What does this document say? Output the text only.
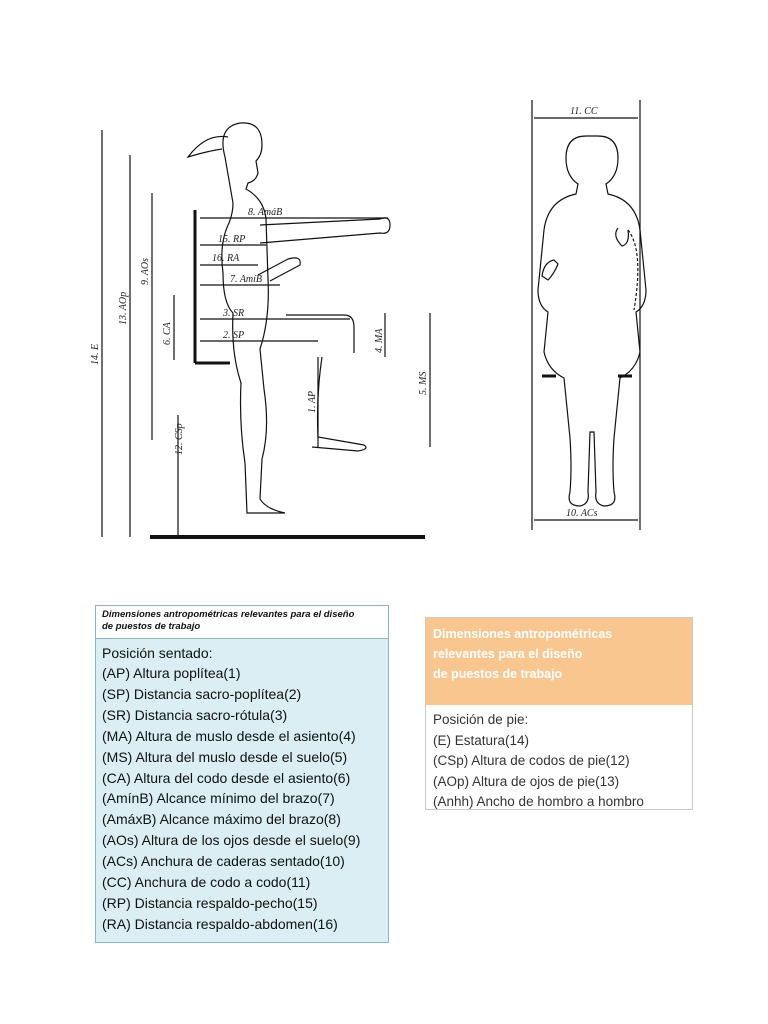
8. AmáB
15. RP
16. RA
7. AmíB
3. SR
2. SP
6. CA	4. MA
5. MS
1. AP
12. CSp
9. AOs
13. AOp
14. E
11. CC
10. ACs
Dimensiones antropométricas relevantes para el diseño
de puestos de trabajo
Posición sentado:
(AP) Altura poplítea(1)
(SP) Distancia sacro-poplítea(2)
(SR) Distancia sacro-rótula(3)
(MA) Altura de muslo desde el asiento(4)
(MS) Altura del muslo desde el suelo(5)
(CA) Altura del codo desde el asiento(6)
(AmínB) Alcance mínimo del brazo(7)
(AmáxB) Alcance máximo del brazo(8)
(AOs) Altura de los ojos desde el suelo(9)
(ACs) Anchura de caderas sentado(10)
(CC) Anchura de codo a codo(11)
(RP) Distancia respaldo-pecho(15)
(RA) Distancia respaldo-abdomen(16)
Dimensiones antropométricas
relevantes para el diseño
de puestos de trabajo
Posición de pie:
(E) Estatura(14)
(CSp) Altura de codos de pie(12)
(AOp) Altura de ojos de pie(13)
(Anhh) Ancho de hombro a hombro
